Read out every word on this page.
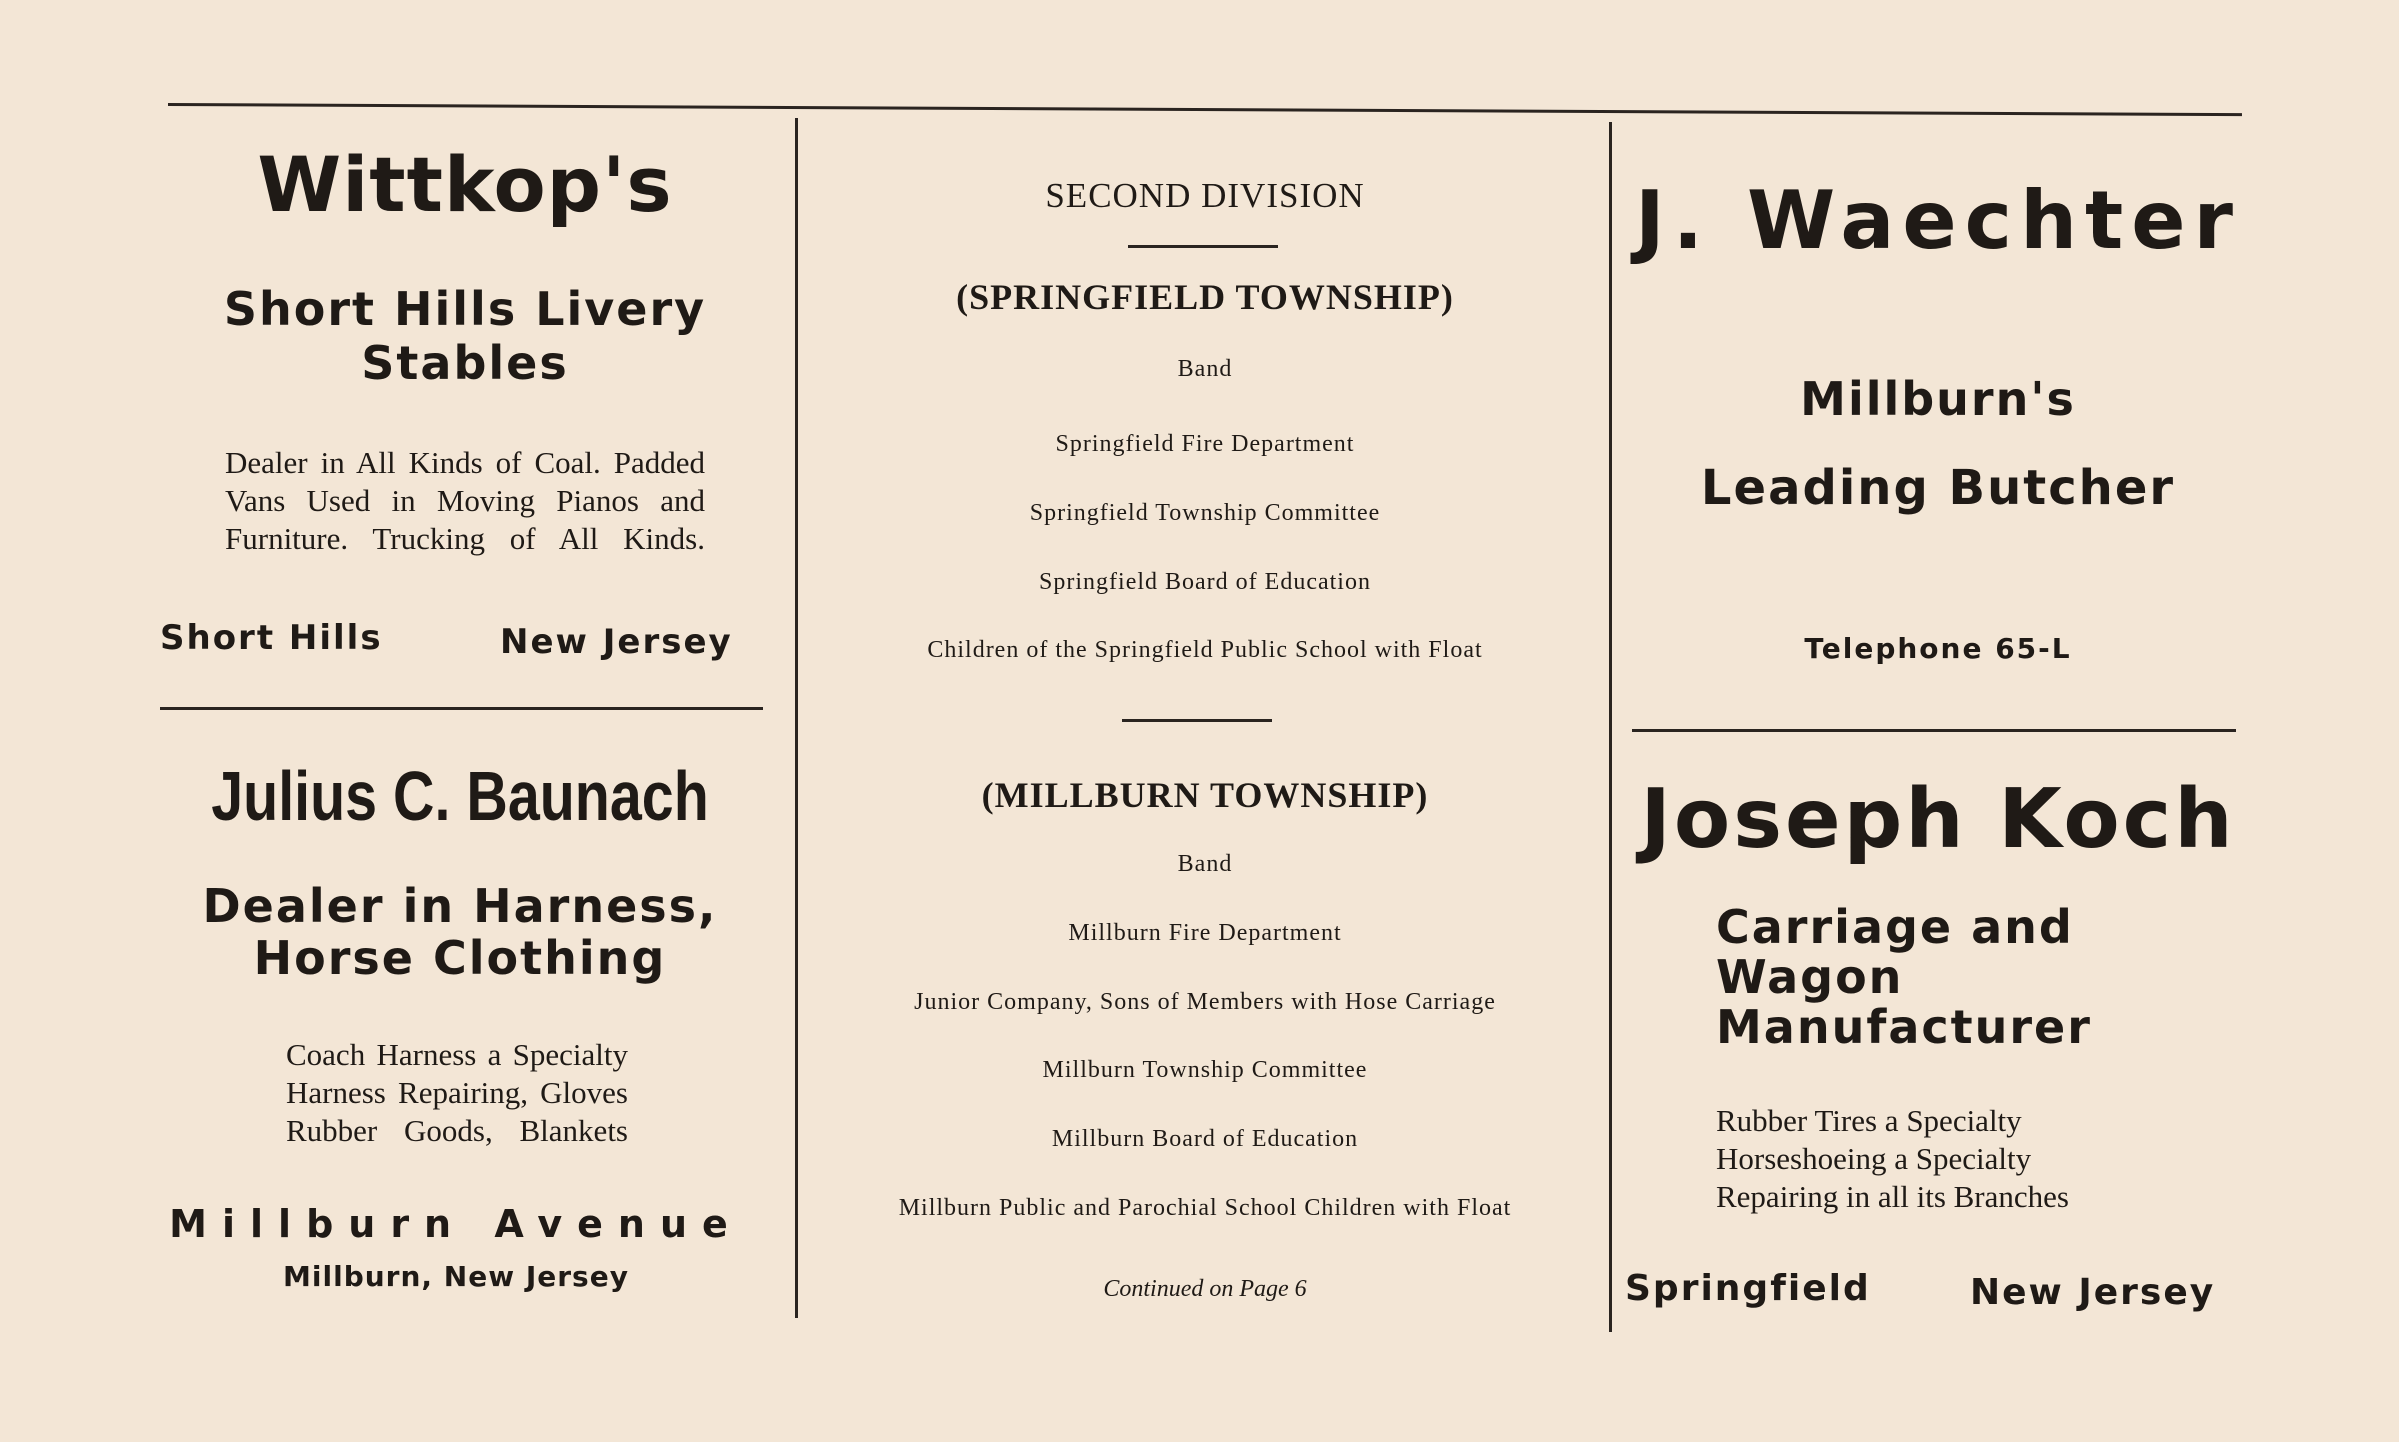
Wittkop's
Short Hills Livery
Stables
Dealer in All Kinds of Coal. Padded
Vans Used in Moving Pianos and
Furniture. Trucking of All Kinds.
Short Hills	New Jersey
Julius C. Baunach
Dealer in Harness,
Horse Clothing
Coach Harness a Specialty
Harness Repairing, Gloves
Rubber Goods, Blankets
Millburn Avenue
Millburn, New Jersey
SECOND DIVISION
(SPRINGFIELD TOWNSHIP)
Band
Springfield Fire Department
Springfield Township Committee
Springfield Board of Education
Children of the Springfield Public School with Float
(MILLBURN TOWNSHIP)
Band
Millburn Fire Department
Junior Company, Sons of Members with Hose Carriage
Millburn Township Committee
Millburn Board of Education
Millburn Public and Parochial School Children with Float
Continued on Page 6
J. Waechter
Millburn's
Leading Butcher
Telephone 65-L
Joseph Koch
Carriage and
Wagon
Manufacturer
Rubber Tires a Specialty
Horseshoeing a Specialty
Repairing in all its Branches
Springfield	New Jersey
